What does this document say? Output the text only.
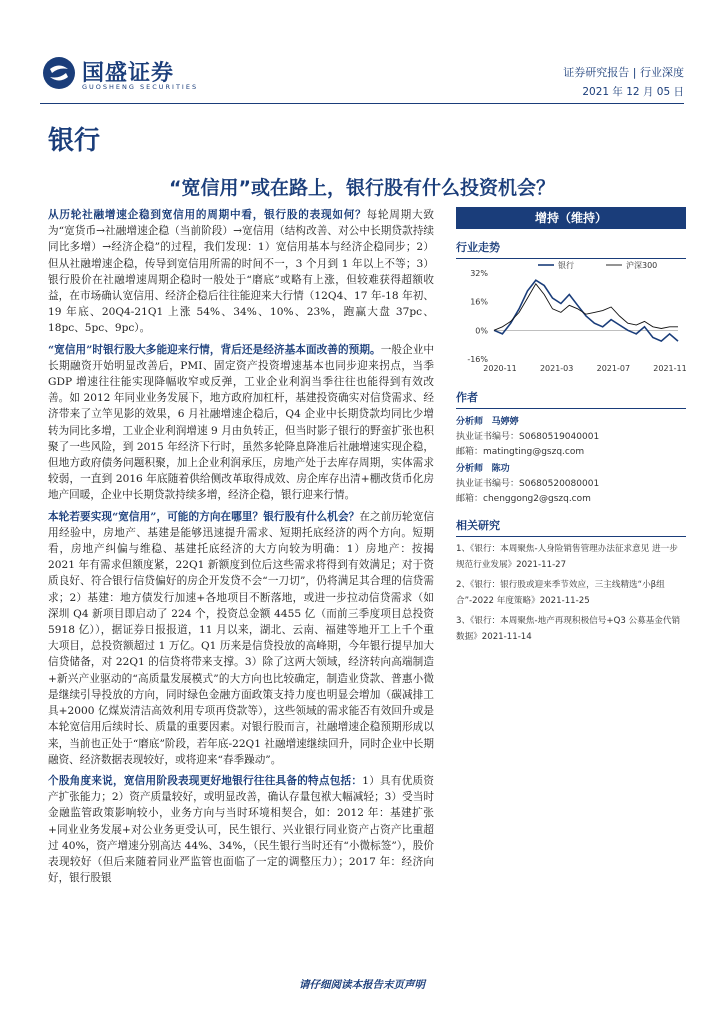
国盛证券
GUOSHENG SECURITIES
证券研究报告 | 行业深度
2021 年 12 月 05 日
银行
“宽信用”或在路上，银行股有什么投资机会？

从历轮社融增速企稳到宽信用的周期中看，银行股的表现如何？每轮周期大致为“宽货币→社融增速企稳（当前阶段）→宽信用（结构改善、对公中长期贷款持续同比多增）→经济企稳”的过程，我们发现：1）宽信用基本与经济企稳同步；2）但从社融增速企稳，传导到宽信用所需的时间不一，3 个月到 1 年以上不等；3）银行股价在社融增速周期企稳时一般处于“磨底”或略有上涨，但较难获得超额收益，在市场确认宽信用、经济企稳后往往能迎来大行情（12Q4、17 年-18 年初、19 年底、20Q4-21Q1 上涨 54%、34%、10%、23%，跑赢大盘 37pc、18pc、5pc、9pc）。

“宽信用”时银行股大多能迎来行情，背后还是经济基本面改善的预期。一般企业中长期融资开始明显改善后，PMI、固定资产投资增速基本也同步迎来拐点，当季 GDP 增速往往能实现降幅收窄或反弹，工业企业利润当季往往也能得到有效改善。如 2012 年同业业务发展下，地方政府加杠杆，基建投资确实对信贷需求、经济带来了立竿见影的效果，6 月社融增速企稳后，Q4 企业中长期贷款均同比少增转为同比多增，工业企业利润增速 9 月由负转正，但当时影子银行的野蛮扩张也积聚了一些风险，到 2015 年经济下行时，虽然多轮降息降准后社融增速实现企稳，但地方政府债务问题积聚，加上企业利润承压，房地产处于去库存周期，实体需求较弱，一直到 2016 年底随着供给侧改革取得成效、房企库存出清+棚改货币化房地产回暖，企业中长期贷款持续多增，经济企稳，银行迎来行情。

本轮若要实现“宽信用”，可能的方向在哪里？银行股有什么机会？在之前历轮宽信用经验中，房地产、基建是能够迅速提升需求、短期托底经济的两个方向。短期看，房地产纠偏与维稳、基建托底经济的大方向较为明确：1）房地产：按揭 2021 年有需求但额度紧，22Q1 新额度到位后这些需求将得到有效满足；对于资质良好、符合银行信贷偏好的房企开发贷不会“一刀切”，仍将满足其合理的信贷需求；2）基建：地方债发行加速+各地项目不断落地，或进一步拉动信贷需求（如深圳 Q4 新项目即启动了 224 个，投资总金额 4455 亿（而前三季度项目总投资 5918 亿）），据证券日报报道，11 月以来，湖北、云南、福建等地开工上千个重大项目，总投资额超过 1 万亿。Q1 历来是信贷投放的高峰期，今年银行提早加大信贷储备，对 22Q1 的信贷将带来支撑。3）除了这两大领域，经济转向高端制造+新兴产业驱动的“高质量发展模式”的大方向也比较确定，制造业贷款、普惠小微是继续引导投放的方向，同时绿色金融方面政策支持力度也明显会增加（碳减排工具+2000 亿煤炭清洁高效利用专项再贷款等），这些领域的需求能否有效回升或是本轮宽信用后续时长、质量的重要因素。对银行股而言，社融增速企稳预期形成以来，当前也正处于“磨底”阶段，若年底-22Q1 社融增速继续回升，同时企业中长期融资、经济数据表现较好，或将迎来“春季躁动”。

个股角度来说，宽信用阶段表现更好地银行往往具备的特点包括：1）具有优质资产扩张能力；2）资产质量较好，或明显改善，确认存量包袱大幅减轻；3）受当时金融监管政策影响较小，业务方向与当时环境相契合，如：2012 年：基建扩张+同业业务发展+对公业务更受认可，民生银行、兴业银行同业资产占资产比重超过 40%，资产增速分别高达 44%、34%，（民生银行当时还有“小微标签”），股价表现较好（但后来随着同业严监管也面临了一定的调整压力）；2017 年：经济向好，银行股银

增持（维持）
行业走势
32%
16%
0%
-16%
2020-11	2021-03	2021-07	2021-11
银行	沪深300
作者
分析师 马婷婷
执业证书编号：S0680519040001
邮箱：matingting@gszq.com
分析师 陈功
执业证书编号：S0680520080001
邮箱：chenggong2@gszq.com
相关研究
1、《银行：本周聚焦-人身险销售管理办法征求意见 进一步规范行业发展》2021-11-27
2、《银行：银行股或迎来季节效应，三主线精选“小β组合”-2022 年度策略》2021-11-25
3、《银行：本周聚焦-地产再现积极信号+Q3 公募基金代销数据》2021-11-14
请仔细阅读本报告末页声明
